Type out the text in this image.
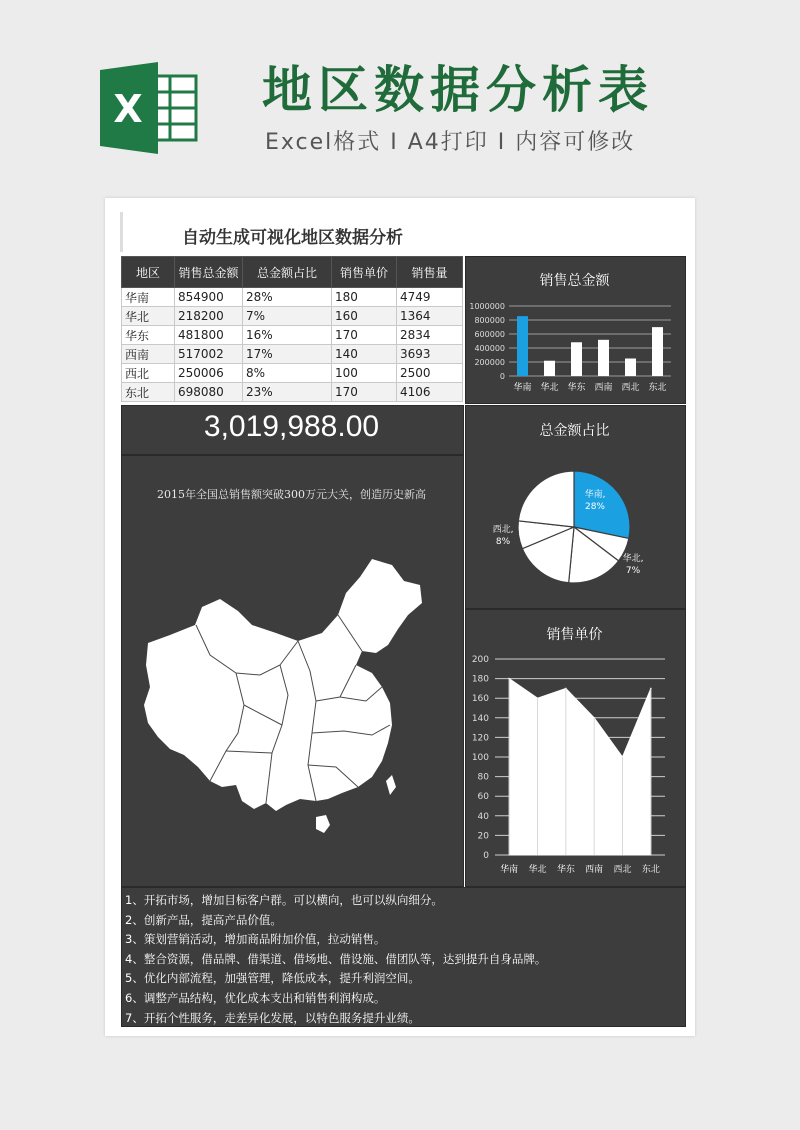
X 地区数据分析表
Excel格式 I A4打印 I 内容可修改
自动生成可视化地区数据分析
地区	销售总金额	总金额占比	销售单价	销售量
华南	854900	28%	180	4749
华北	218200	7%	160	1364
华东	481800	16%	170	2834
西南	517002	17%	140	3693
西北	250006	8%	100	2500
东北	698080	23%	170	4106
3,019,988.00
2015年全国总销售额突破300万元大关，创造历史新高
销售总金额
0
200000
400000
600000
800000
1000000
华南 华北 华东 西南 西北 东北
总金额占比
华南,
28%
华北,
7%
西北,
8%
销售单价
0
20
40
60
80
100
120
140
160
180
200
华南 华北 华东 西南 西北 东北
1、开拓市场，增加目标客户群。可以横向，也可以纵向细分。
2、创新产品，提高产品价值。
3、策划营销活动，增加商品附加价值，拉动销售。
4、整合资源，借品牌、借渠道、借场地、借设施、借团队等，达到提升自身品牌。
5、优化内部流程，加强管理，降低成本，提升利润空间。
6、调整产品结构，优化成本支出和销售利润构成。
7、开拓个性服务，走差异化发展，以特色服务提升业绩。
